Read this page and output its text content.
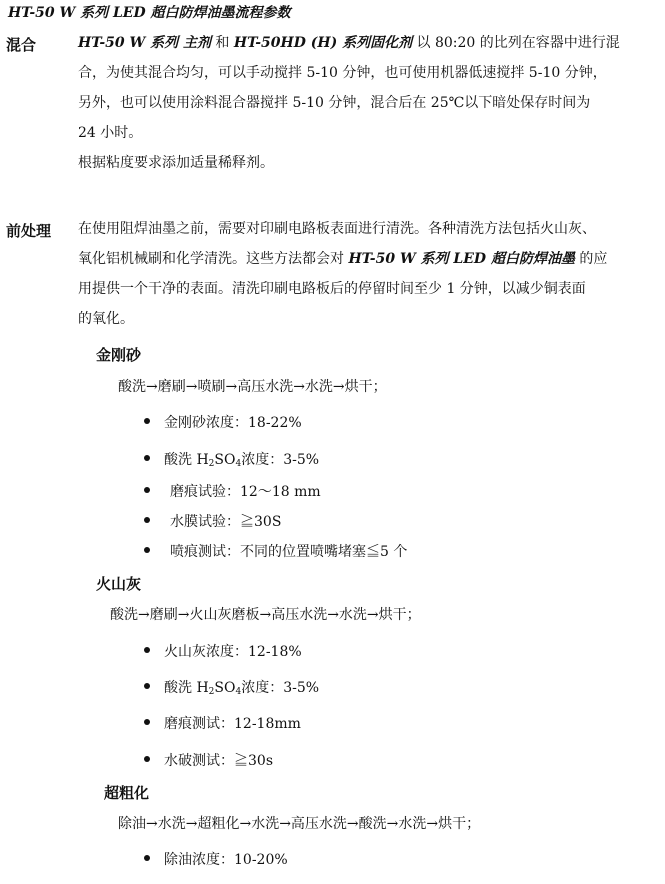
HT-50 W 系列 LED 超白防焊油墨流程参数
混合	HT-50 W 系列 主剂 和 HT-50HD (H) 系列固化剂 以 80:20 的比列在容器中进行混
合，为使其混合均匀，可以手动搅拌 5-10 分钟，也可使用机器低速搅拌 5-10 分钟，
另外，也可以使用涂料混合器搅拌 5-10 分钟，混合后在 25℃以下暗处保存时间为
24 小时。
根据粘度要求添加适量稀释剂。
前处理 在使用阻焊油墨之前，需要对印刷电路板表面进行清洗。各种清洗方法包括火山灰、
氧化铝机械刷和化学清洗。这些方法都会对 HT-50 W 系列 LED 超白防焊油墨 的应
用提供一个干净的表面。清洗印刷电路板后的停留时间至少 1 分钟，以减少铜表面
的氧化。
金刚砂
酸洗→磨刷→喷刷→高压水洗→水洗→烘干；
金刚砂浓度：18-22%
酸洗 $H_2SO_4$浓度：3-5%
磨痕试验：12～18 mm
水膜试验：≧30S
喷痕测试：不同的位置喷嘴堵塞≦5 个
火山灰
酸洗→磨刷→火山灰磨板→高压水洗→水洗→烘干；
火山灰浓度：12-18%
酸洗 $H_2SO_4$浓度：3-5%
磨痕测试：12-18mm
水破测试：≧30s
超粗化
除油→水洗→超粗化→水洗→高压水洗→酸洗→水洗→烘干；
除油浓度：10-20%
